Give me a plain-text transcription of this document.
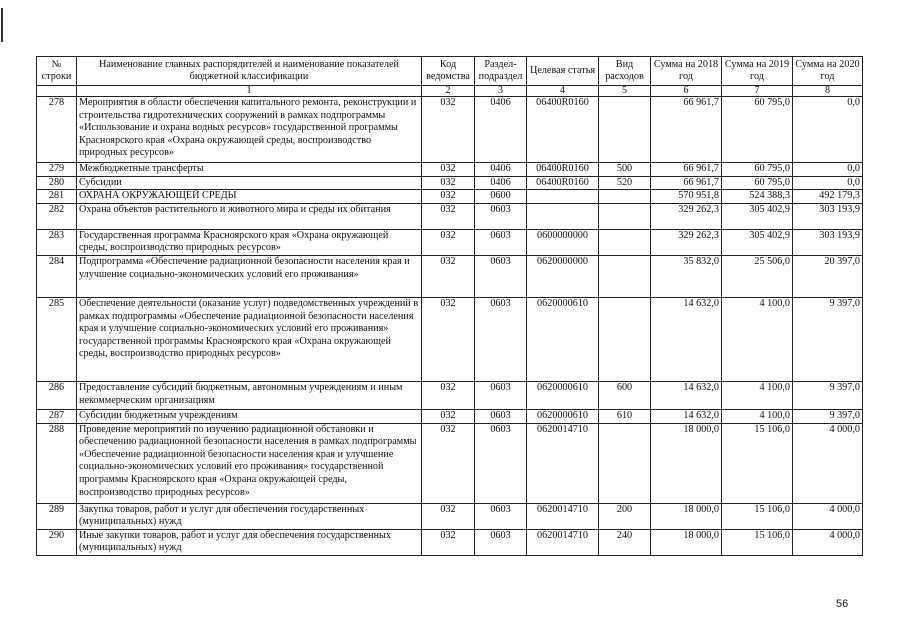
№ строки	Наименование главных распорядителей и наименование показателей бюджетной классификации	Код ведомства	Раздел-подраздел	Целевая статья	Вид расходов	Сумма на 2018 год	Сумма на 2019 год	Сумма на 2020 год
	1	2	3	4	5	6	7	8
278	Мероприятия в области обеспечения капитального ремонта, реконструкции и строительства гидротехнических сооружений в рамках подпрограммы «Использование и охрана водных ресурсов» государственной программы Красноярского края «Охрана окружающей среды, воспроизводство природных ресурсов»	032	0406	06400R0160		66 961,7	60 795,0	0,0
279	Межбюджетные трансферты	032	0406	06400R0160	500	66 961,7	60 795,0	0,0
280	Субсидии	032	0406	06400R0160	520	66 961,7	60 795,0	0,0
281	ОХРАНА ОКРУЖАЮЩЕЙ СРЕДЫ	032	0600			570 951,8	524 388,3	492 179,3
282	Охрана объектов растительного и животного мира и среды их обитания	032	0603			329 262,3	305 402,9	303 193,9
283	Государственная программа Красноярского края «Охрана окружающей среды, воспроизводство природных ресурсов»	032	0603	0600000000		329 262,3	305 402,9	303 193,9
284	Подпрограмма «Обеспечение радиационной безопасности населения края и улучшение социально-экономических условий его проживания»	032	0603	0620000000		35 832,0	25 506,0	20 397,0
285	Обеспечение деятельности (оказание услуг) подведомственных учреждений в рамках подпрограммы «Обеспечение радиационной безопасности населения края и улучшение социально-экономических условий его проживания» государственной программы Красноярского края «Охрана окружающей среды, воспроизводство природных ресурсов»	032	0603	0620000610		14 632,0	4 100,0	9 397,0
286	Предоставление субсидий бюджетным, автономным учреждениям и иным некоммерческим организациям	032	0603	0620000610	600	14 632,0	4 100,0	9 397,0
287	Субсидии бюджетным учреждениям	032	0603	0620000610	610	14 632,0	4 100,0	9 397,0
288	Проведение мероприятий по изучению радиационной обстановки и обеспечению радиационной безопасности населения в рамках подпрограммы «Обеспечение радиационной безопасности населения края и улучшение социально-экономических условий его проживания» государственной программы Красноярского края «Охрана окружающей среды, воспроизводство природных ресурсов»	032	0603	0620014710		18 000,0	15 106,0	4 000,0
289	Закупка товаров, работ и услуг для обеспечения государственных (муниципальных) нужд	032	0603	0620014710	200	18 000,0	15 106,0	4 000,0
290	Иные закупки товаров, работ и услуг для обеспечения государственных (муниципальных) нужд	032	0603	0620014710	240	18 000,0	15 106,0	4 000,0
56
